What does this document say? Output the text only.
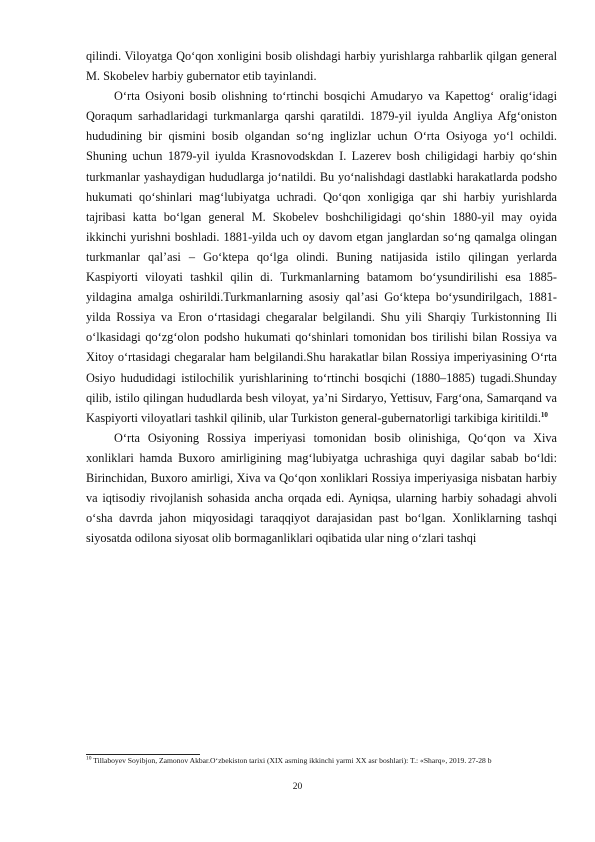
qilindi. Viloyatga Qo‘qon xonligini bosib olishdagi harbiy yurishlarga rahbarlik qilgan general M. Skobelev harbiy gubernator etib tayinlandi.

O‘rta Osiyoni bosib olishning to‘rtinchi bosqichi Amudaryo va Kapettog‘ oralig‘idagi Qoraqum sarhadlaridagi turkmanlarga qarshi qaratildi. 1879-yil iyulda Angliya Afg‘oniston hududining bir qismini bosib olgandan so‘ng inglizlar uchun O‘rta Osiyoga yo‘l ochildi. Shuning uchun 1879-yil iyulda Krasnovodskdan I. Lazerev bosh chiligidagi harbiy qo‘shin turkmanlar yashaydigan hududlarga jo‘natildi. Bu yo‘nalishdagi dastlabki harakatlarda podsho hukumati qo‘shinlari mag‘lubiyatga uchradi. Qo‘qon xonligiga qar shi harbiy yurishlarda tajribasi katta bo‘lgan general M. Skobelev boshchiligidagi qo‘shin 1880-yil may oyida ikkinchi yurishni boshladi. 1881-yilda uch oy davom etgan janglardan so‘ng qamalga olingan turkmanlar qal’asi – Go‘ktepa qo‘lga olindi. Buning natijasida istilo qilingan yerlarda Kaspiyorti viloyati tashkil qilin di. Turkmanlarning batamom bo‘ysundirilishi esa 1885-yildagina amalga oshirildi.Turkmanlarning asosiy qal’asi Go‘ktepa bo‘ysundirilgach, 1881-yilda Rossiya va Eron o‘rtasidagi chegaralar belgilandi. Shu yili Sharqiy Turkistonning Ili o‘lkasidagi qo‘zg‘olon podsho hukumati qo‘shinlari tomonidan bos tirilishi bilan Rossiya va Xitoy o‘rtasidagi chegaralar ham belgilandi.Shu harakatlar bilan Rossiya imperiyasining O‘rta Osiyo hududidagi istilochilik yurishlarining to‘rtinchi bosqichi (1880–1885) tugadi.Shunday qilib, istilo qilingan hududlarda besh viloyat, ya’ni Sirdaryo, Yettisuv, Farg‘ona, Samarqand va Kaspiyorti viloyatlari tashkil qilinib, ular Turkiston general-gubernatorligi tarkibiga kiritildi.$^{10}$

O‘rta Osiyoning Rossiya imperiyasi tomonidan bosib olinishiga, Qo‘qon va Xiva xonliklari hamda Buxoro amirligining mag‘lubiyatga uchrashiga quyi dagilar sabab bo‘ldi: Birinchidan, Buxoro amirligi, Xiva va Qo‘qon xonliklari Rossiya imperiyasiga nisbatan harbiy va iqtisodiy rivojlanish sohasida ancha orqada edi. Ayniqsa, ularning harbiy sohadagi ahvoli o‘sha davrda jahon miqyosidagi taraqqiyot darajasidan past bo‘lgan. Xonliklarning tashqi siyosatda odilona siyosat olib bormaganliklari oqibatida ular ning o‘zlari tashqi

$^{10}$ Tillaboyev Soyibjon, Zamonov Akbar.O‘zbekiston tarixi (XIX asrning ikkinchi yarmi XX asr boshlari): T.: «Sharq», 2019. 27-28 b
20
